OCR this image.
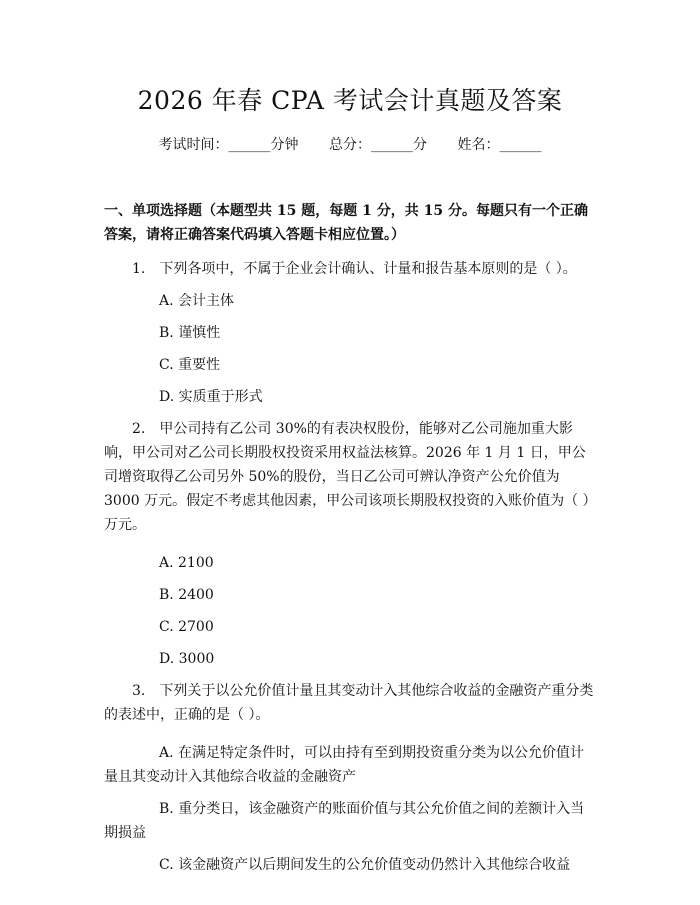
2026 年春 CPA 考试会计真题及答案
考试时间：______分钟 总分：______分 姓名：______
一、单项选择题（本题型共 15 题，每题 1 分，共 15 分。每题只有一个正确答案，请将正确答案代码填入答题卡相应位置。）

1.　下列各项中，不属于企业会计确认、计量和报告基本原则的是（ ）。

A. 会计主体

B. 谨慎性

C. 重要性

D. 实质重于形式

2.　甲公司持有乙公司 30%的有表决权股份，能够对乙公司施加重大影响，甲公司对乙公司长期股权投资采用权益法核算。2026 年 1 月 1 日，甲公司增资取得乙公司另外 50%的股份，当日乙公司可辨认净资产公允价值为 3000 万元。假定不考虑其他因素，甲公司该项长期股权投资的入账价值为（ ）万元。

A. 2100

B. 2400

C. 2700

D. 3000

3.　下列关于以公允价值计量且其变动计入其他综合收益的金融资产重分类的表述中，正确的是（ ）。

A. 在满足特定条件时，可以由持有至到期投资重分类为以公允价值计量且其变动计入其他综合收益的金融资产

B. 重分类日，该金融资产的账面价值与其公允价值之间的差额计入当期损益

C. 该金融资产以后期间发生的公允价值变动仍然计入其他综合收益
